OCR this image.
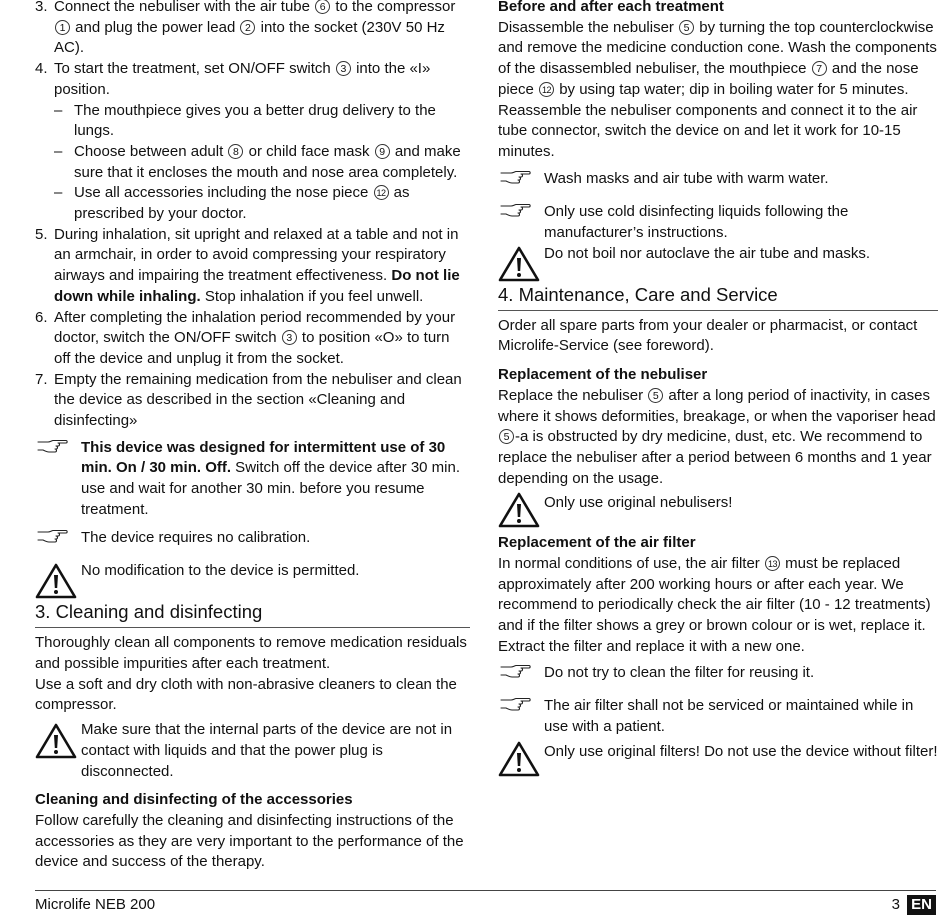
3. Connect the nebuliser with the air tube 6 to the compressor 1 and plug the power lead 2 into the socket (230V 50 Hz AC).
4. To start the treatment, set ON/OFF switch 3 into the «I» position.
– The mouthpiece gives you a better drug delivery to the lungs.
– Choose between adult 8 or child face mask 9 and make sure that it encloses the mouth and nose area completely.
– Use all accessories including the nose piece 12 as prescribed by your doctor.
5. During inhalation, sit upright and relaxed at a table and not in an armchair, in order to avoid compressing your respiratory airways and impairing the treatment effectiveness. Do not lie down while inhaling. Stop inhalation if you feel unwell.
6. After completing the inhalation period recommended by your doctor, switch the ON/OFF switch 3 to position «O» to turn off the device and unplug it from the socket.
7. Empty the remaining medication from the nebuliser and clean the device as described in the section «Cleaning and disinfecting»
This device was designed for intermittent use of 30 min. On / 30 min. Off. Switch off the device after 30 min. use and wait for another 30 min. before you resume treatment.
The device requires no calibration.
No modification to the device is permitted.
3. Cleaning and disinfecting

Thoroughly clean all components to remove medication residuals and possible impurities after each treatment.

Use a soft and dry cloth with non-abrasive cleaners to clean the compressor.

Make sure that the internal parts of the device are not in contact with liquids and that the power plug is disconnected.
Cleaning and disinfecting of the accessories

Follow carefully the cleaning and disinfecting instructions of the accessories as they are very important to the performance of the device and success of the therapy.

Before and after each treatment

Disassemble the nebuliser 5 by turning the top counterclockwise and remove the medicine conduction cone. Wash the components of the disassembled nebuliser, the mouthpiece 7 and the nose piece 12 by using tap water; dip in boiling water for 5 minutes. Reassemble the nebuliser components and connect it to the air tube connector, switch the device on and let it work for 10-15 minutes.

Wash masks and air tube with warm water.
Only use cold disinfecting liquids following the manufacturer’s instructions.
Do not boil nor autoclave the air tube and masks.
4. Maintenance, Care and Service

Order all spare parts from your dealer or pharmacist, or contact Microlife-Service (see foreword).

Replacement of the nebuliser

Replace the nebuliser 5 after a long period of inactivity, in cases where it shows deformities, breakage, or when the vaporiser head 5 -a is obstructed by dry medicine, dust, etc. We recommend to replace the nebuliser after a period between 6 months and 1 year depending on the usage.

Only use original nebulisers!
Replacement of the air filter

In normal conditions of use, the air filter 13 must be replaced approximately after 200 working hours or after each year. We recommend to periodically check the air filter (10 - 12 treatments) and if the filter shows a grey or brown colour or is wet, replace it. Extract the filter and replace it with a new one.

Do not try to clean the filter for reusing it.
The air filter shall not be serviced or maintained while in use with a patient.
Only use original filters! Do not use the device without filter!
Microlife NEB 200	3 EN
